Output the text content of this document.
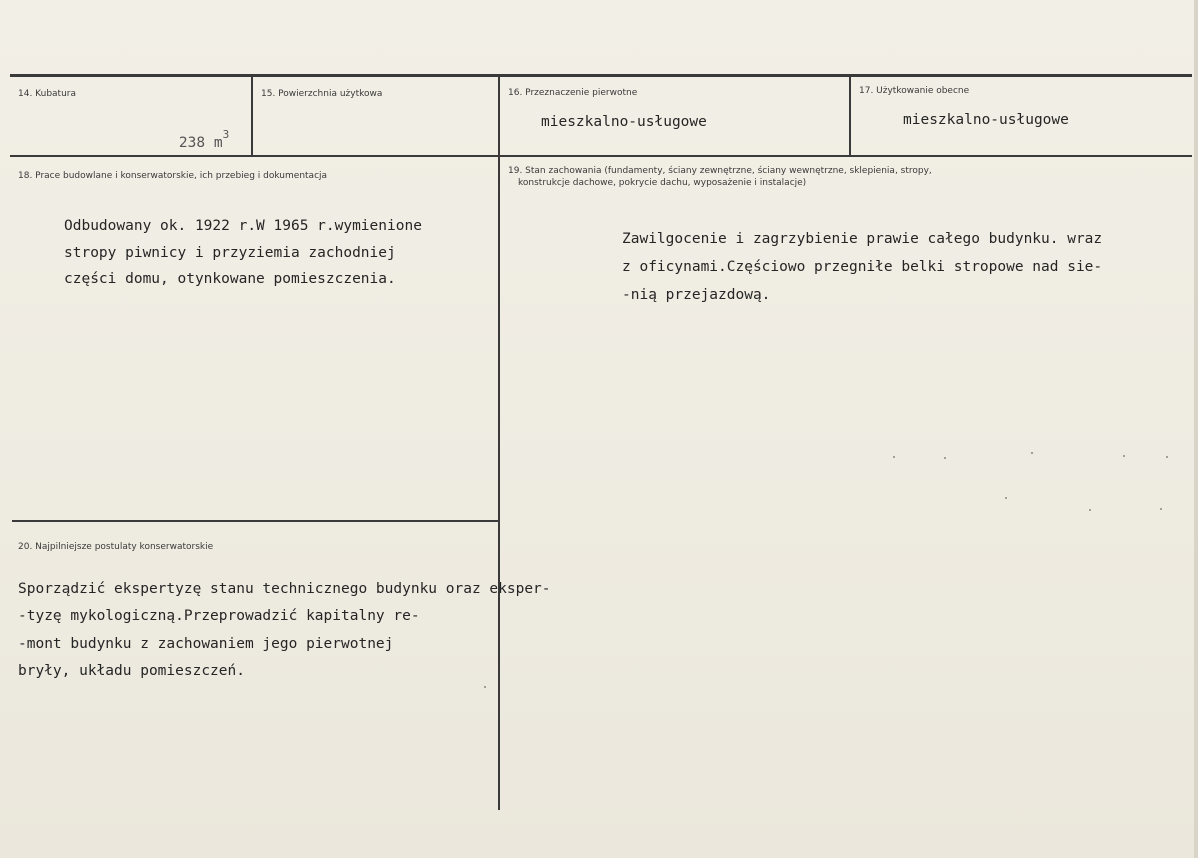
14. Kubatura

238 $m^3$

15. Powierzchnia użytkowa	16. Przeznaczenie pierwotne
mieszkalno-usługowe
17. Użytkowanie obecne
mieszkalno-usługowe
18. Prace budowlane i konserwatorskie, ich przebieg i dokumentacja
Odbudowany ok. 1922 r.W 1965 r.wymienione
stropy piwnicy i przyziemia zachodniej
części domu, otynkowane pomieszczenia.
19. Stan zachowania (fundamenty, ściany zewnętrzne, ściany wewnętrzne, sklepienia, stropy,
konstrukcje dachowe, pokrycie dachu, wyposażenie i instalacje)
Zawilgocenie i zagrzybienie prawie całego budynku. wraz
z oficynami.Częściowo przegniłe belki stropowe nad sie-
-nią przejazdową.
20. Najpilniejsze postulaty konserwatorskie
Sporządzić ekspertyzę stanu technicznego budynku oraz eksper-
-tyzę mykologiczną.Przeprowadzić kapitalny re-
-mont budynku z zachowaniem jego pierwotnej
bryły, układu pomieszczeń.
